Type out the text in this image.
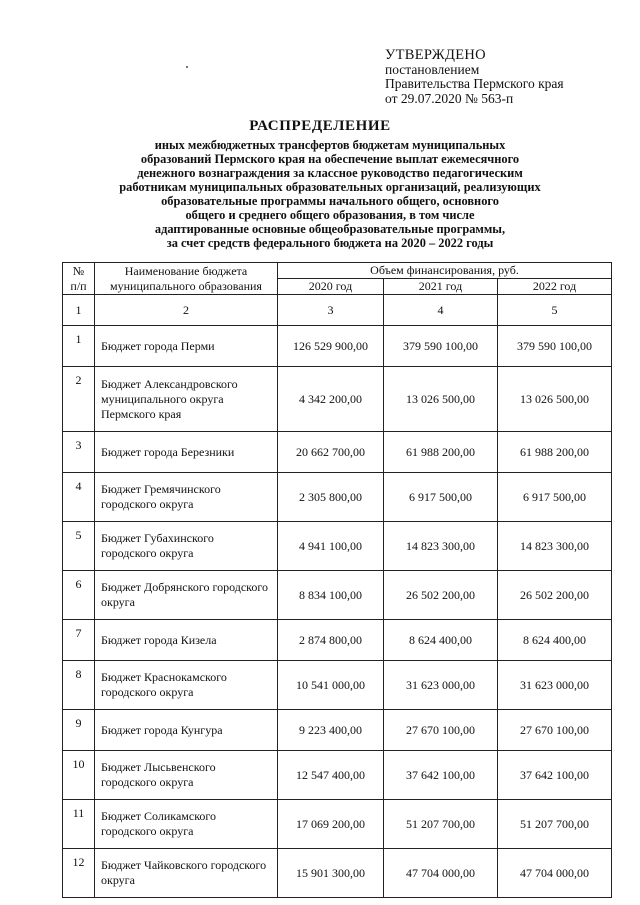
УТВЕРЖДЕНО
постановлением
Правительства Пермского края
от 29.07.2020 № 563-п
РАСПРЕДЕЛЕНИЕ
иных межбюджетных трансфертов бюджетам муниципальных
образований Пермского края на обеспечение выплат ежемесячного
денежного вознаграждения за классное руководство педагогическим
работникам муниципальных образовательных организаций, реализующих
образовательные программы начального общего, основного
общего и среднего общего образования, в том числе
адаптированные основные общеобразовательные программы,
за счет средств федерального бюджета на 2020 – 2022 годы
№ п/п	Наименование бюджета муниципального образования	Объем финансирования, руб.		
		2020 год	2021 год	2022 год
1	2	3	4	5
1	Бюджет города Перми	126 529 900,00	379 590 100,00	379 590 100,00
2	Бюджет Александровского муниципального округа Пермского края	4 342 200,00	13 026 500,00	13 026 500,00
3	Бюджет города Березники	20 662 700,00	61 988 200,00	61 988 200,00
4	Бюджет Гремячинского городского округа	2 305 800,00	6 917 500,00	6 917 500,00
5	Бюджет Губахинского городского округа	4 941 100,00	14 823 300,00	14 823 300,00
6	Бюджет Добрянского городского округа	8 834 100,00	26 502 200,00	26 502 200,00
7	Бюджет города Кизела	2 874 800,00	8 624 400,00	8 624 400,00
8	Бюджет Краснокамского городского округа	10 541 000,00	31 623 000,00	31 623 000,00
9	Бюджет города Кунгура	9 223 400,00	27 670 100,00	27 670 100,00
10	Бюджет Лысьвенского городского округа	12 547 400,00	37 642 100,00	37 642 100,00
11	Бюджет Соликамского городского округа	17 069 200,00	51 207 700,00	51 207 700,00
12	Бюджет Чайковского городского округа	15 901 300,00	47 704 000,00	47 704 000,00
